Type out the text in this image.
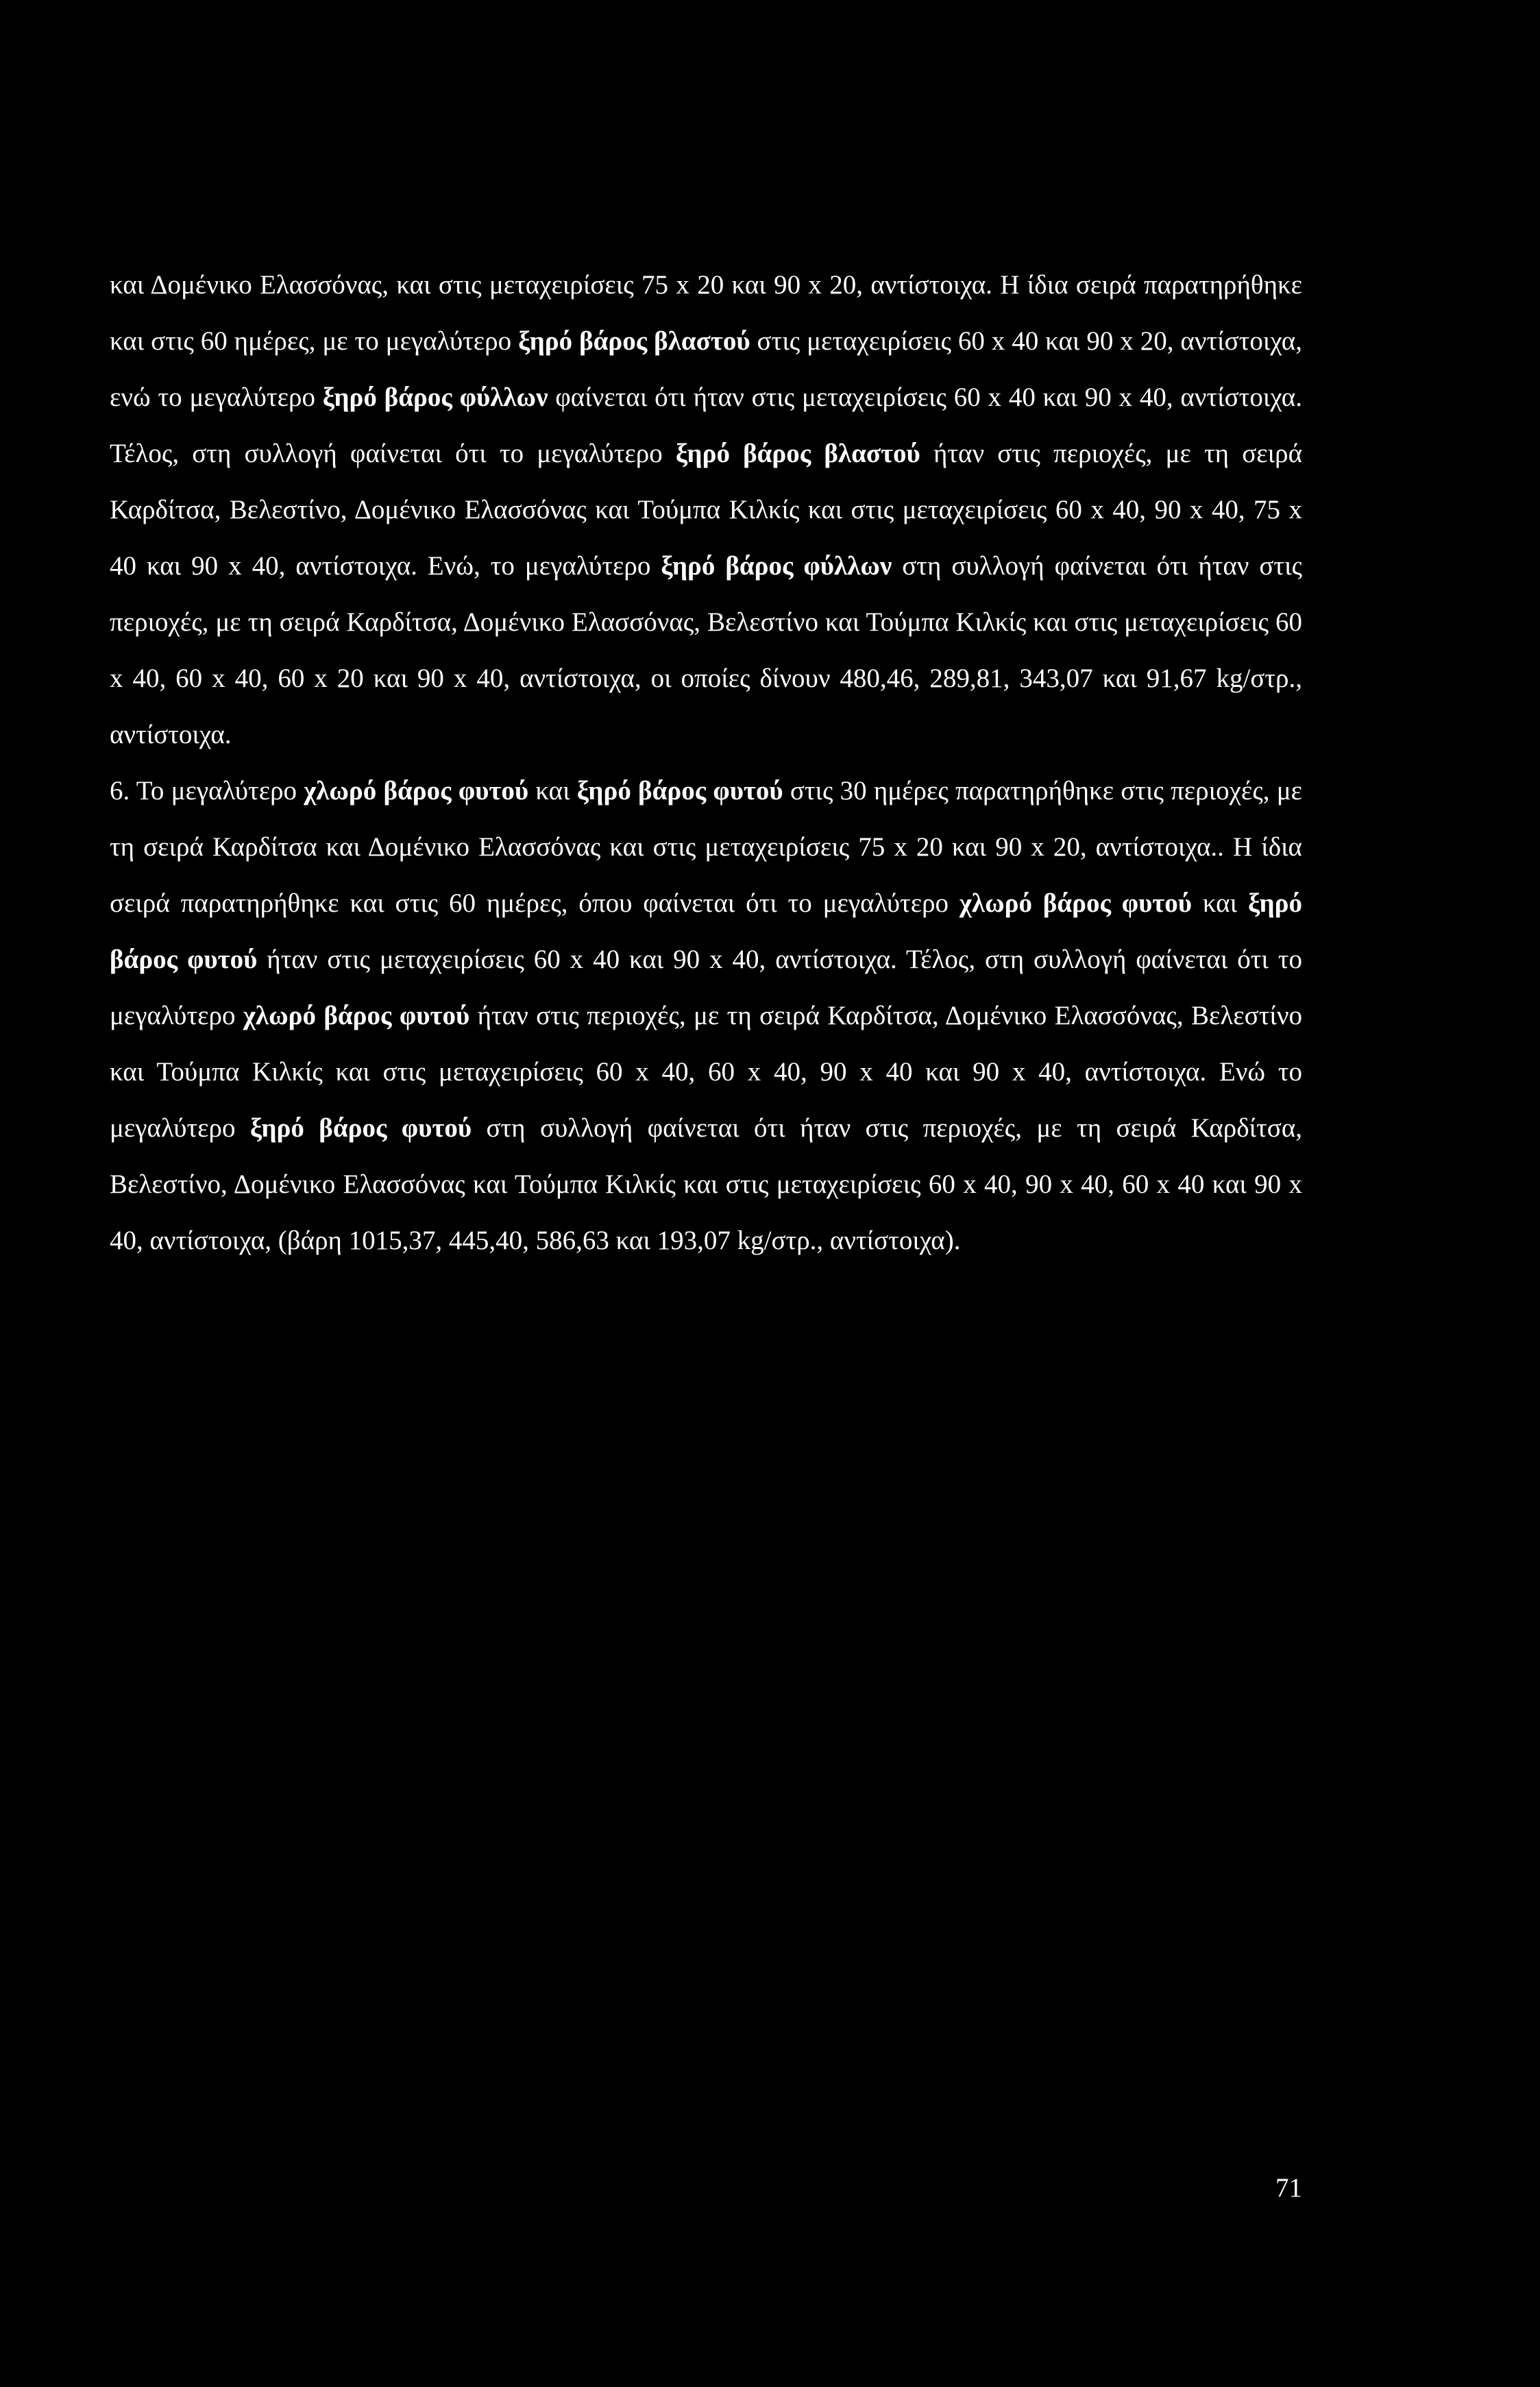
και Δομένικο Ελασσόνας, και στις μεταχειρίσεις 75 x 20 και 90 x 20, αντίστοιχα. Η ίδια σειρά παρατηρήθηκε και στις 60 ημέρες, με το μεγαλύτερο ξηρό βάρος βλαστού στις μεταχειρίσεις 60 x 40 και 90 x 20, αντίστοιχα, ενώ το μεγαλύτερο ξηρό βάρος φύλλων φαίνεται ότι ήταν στις μεταχειρίσεις 60 x 40 και 90 x 40, αντίστοιχα. Τέλος, στη συλλογή φαίνεται ότι το μεγαλύτερο ξηρό βάρος βλαστού ήταν στις περιοχές, με τη σειρά Καρδίτσα, Βελεστίνο, Δομένικο Ελασσόνας και Τούμπα Κιλκίς και στις μεταχειρίσεις 60 x 40, 90 x 40, 75 x 40 και 90 x 40, αντίστοιχα. Ενώ, το μεγαλύτερο ξηρό βάρος φύλλων στη συλλογή φαίνεται ότι ήταν στις περιοχές, με τη σειρά Καρδίτσα, Δομένικο Ελασσόνας, Βελεστίνο και Τούμπα Κιλκίς και στις μεταχειρίσεις 60 x 40, 60 x 40, 60 x 20 και 90 x 40, αντίστοιχα, οι οποίες δίνουν 480,46, 289,81, 343,07 και 91,67 kg/στρ., αντίστοιχα.

6. Το μεγαλύτερο χλωρό βάρος φυτού και ξηρό βάρος φυτού στις 30 ημέρες παρατηρήθηκε στις περιοχές, με τη σειρά Καρδίτσα και Δομένικο Ελασσόνας και στις μεταχειρίσεις 75 x 20 και 90 x 20, αντίστοιχα.. Η ίδια σειρά παρατηρήθηκε και στις 60 ημέρες, όπου φαίνεται ότι το μεγαλύτερο χλωρό βάρος φυτού και ξηρό βάρος φυτού ήταν στις μεταχειρίσεις 60 x 40 και 90 x 40, αντίστοιχα. Τέλος, στη συλλογή φαίνεται ότι το μεγαλύτερο χλωρό βάρος φυτού ήταν στις περιοχές, με τη σειρά Καρδίτσα, Δομένικο Ελασσόνας, Βελεστίνο και Τούμπα Κιλκίς και στις μεταχειρίσεις 60 x 40, 60 x 40, 90 x 40 και 90 x 40, αντίστοιχα. Ενώ το μεγαλύτερο ξηρό βάρος φυτού στη συλλογή φαίνεται ότι ήταν στις περιοχές, με τη σειρά Καρδίτσα, Βελεστίνο, Δομένικο Ελασσόνας και Τούμπα Κιλκίς και στις μεταχειρίσεις 60 x 40, 90 x 40, 60 x 40 και 90 x 40, αντίστοιχα, (βάρη 1015,37, 445,40, 586,63 και 193,07 kg/στρ., αντίστοιχα).

71
